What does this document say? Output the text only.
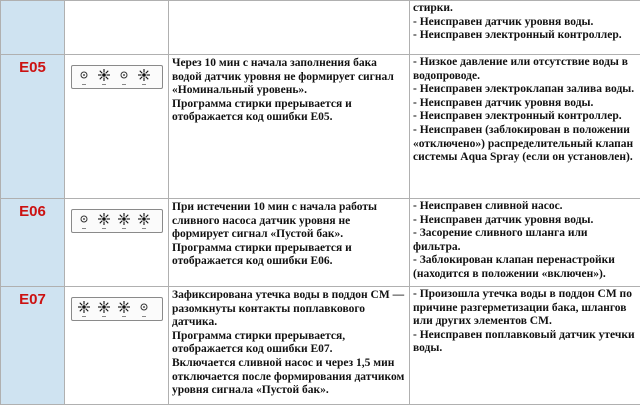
			стирки.
- Неисправен датчик уровня воды.
- Неисправен электронный контроллер.

E05		Через 10 мин с начала заполнения бака водой датчик уровня не формирует сигнал «Номинальный уровень».
Программа стирки прерывается и отображается код ошибки E05.	- Низкое давление или отсутствие воды в водопроводе.
- Неисправен электроклапан залива воды.
- Неисправен датчик уровня воды.
- Неисправен электронный контроллер.
- Неисправен (заблокирован в положении «отключено») распределительный клапан системы Aqua Spray (если он установлен).

E06		При истечении 10 мин с начала работы сливного насоса датчик уровня не формирует сигнал «Пустой бак».
Программа стирки прерывается и отображается код ошибки E06.	- Неисправен сливной насос.
- Неисправен датчик уровня воды.
- Засорение сливного шланга или фильтра.
- Заблокирован клапан перенастройки (находится в положении «включен»).

E07		Зафиксирована утечка воды в поддон СМ — разомкнуты контакты поплавкового датчика.
Программа стирки прерывается, отображается код ошибки E07.
Включается сливной насос и через 1,5 мин отключается после формирования датчиком уровня сигнала «Пустой бак».	- Произошла утечка воды в поддон СМ по причине разгерметизации бака, шлангов или других элементов СМ.
- Неисправен поплавковый датчик утечки воды.
